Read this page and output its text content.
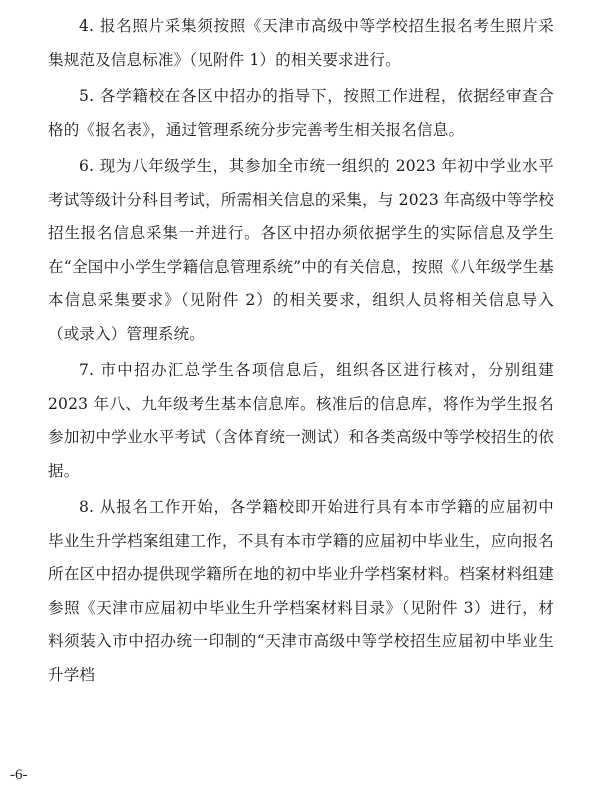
4. 报名照片采集须按照《天津市高级中等学校招生报名考生照片采集规范及信息标准》（见附件 1）的相关要求进行。

5. 各学籍校在各区中招办的指导下，按照工作进程，依据经审查合格的《报名表》，通过管理系统分步完善考生相关报名信息。

6. 现为八年级学生，其参加全市统一组织的 2023 年初中学业水平考试等级计分科目考试，所需相关信息的采集，与 2023 年高级中等学校招生报名信息采集一并进行。各区中招办须依据学生的实际信息及学生在“全国中小学生学籍信息管理系统”中的有关信息，按照《八年级学生基本信息采集要求》（见附件 2）的相关要求，组织人员将相关信息导入（或录入）管理系统。

7. 市中招办汇总学生各项信息后，组织各区进行核对，分别组建 2023 年八、九年级考生基本信息库。核准后的信息库，将作为学生报名参加初中学业水平考试（含体育统一测试）和各类高级中等学校招生的依据。

8. 从报名工作开始，各学籍校即开始进行具有本市学籍的应届初中毕业生升学档案组建工作，不具有本市学籍的应届初中毕业生，应向报名所在区中招办提供现学籍所在地的初中毕业升学档案材料。档案材料组建参照《天津市应届初中毕业生升学档案材料目录》（见附件 3）进行，材料须装入市中招办统一印制的“天津市高级中等学校招生应届初中毕业生升学档

-6-
